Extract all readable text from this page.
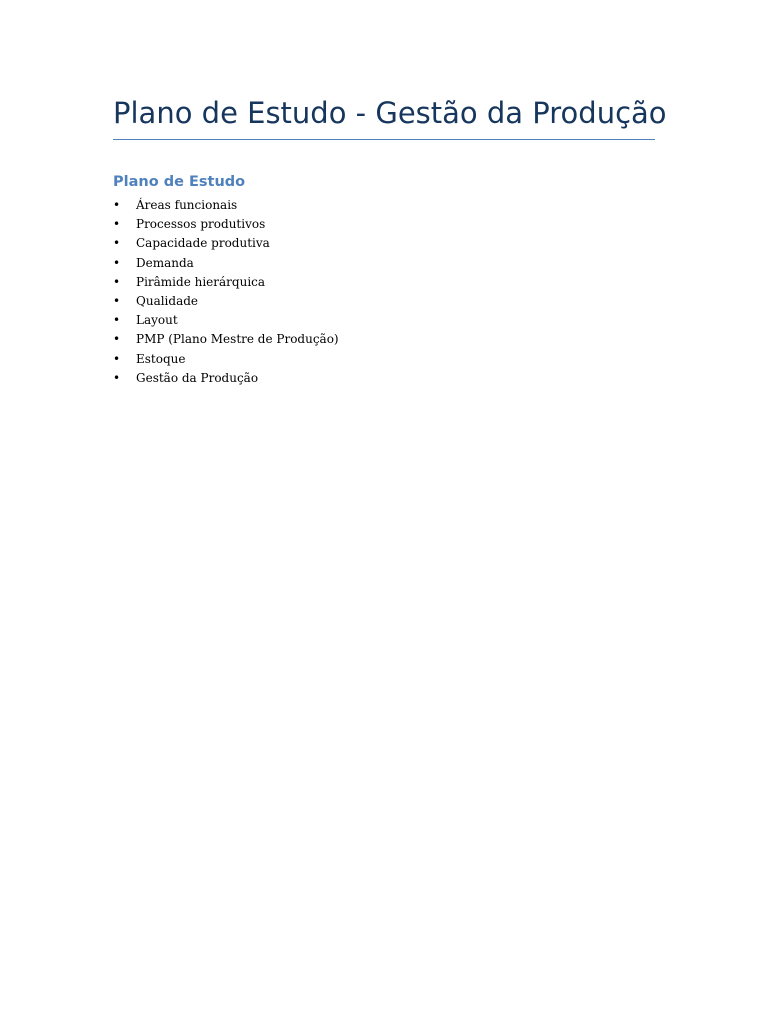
Plano de Estudo - Gestão da Produção
Plano de Estudo
• Áreas funcionais
• Processos produtivos
• Capacidade produtiva
• Demanda
• Pirâmide hierárquica
• Qualidade
• Layout
• PMP (Plano Mestre de Produção)
• Estoque
• Gestão da Produção
